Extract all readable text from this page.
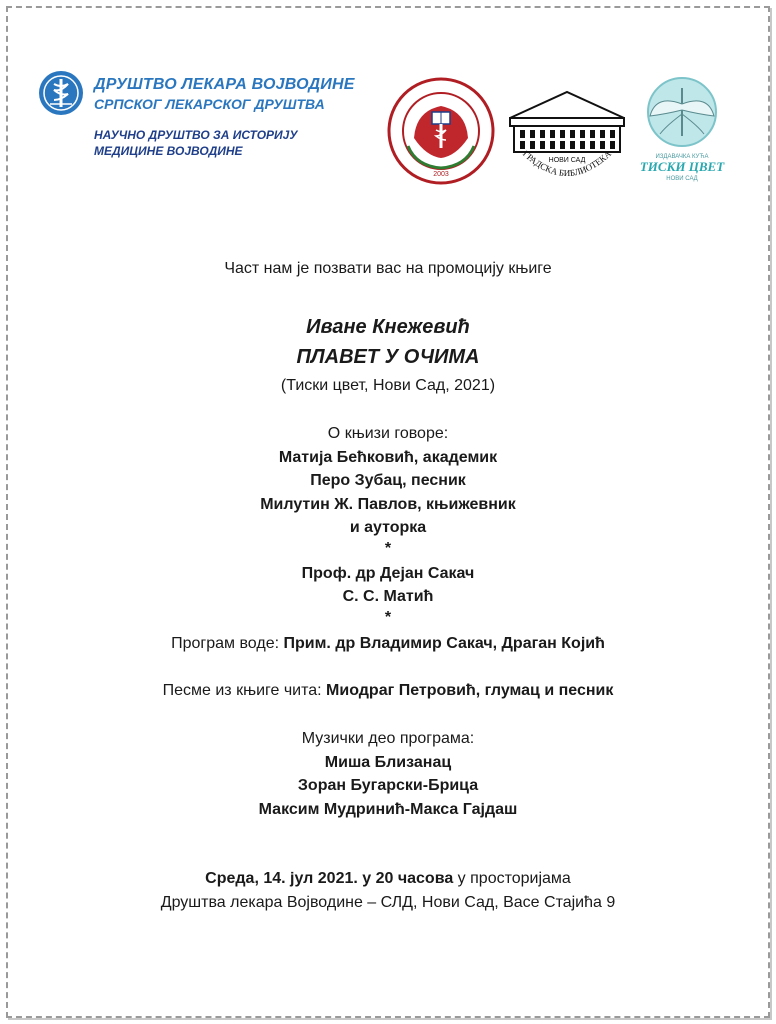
ДРУШТВО ЛЕКАРА ВОЈВОДИНЕ
СРПСКОГ ЛЕКАРСКОГ ДРУШТВА
НАУЧНО ДРУШТВО ЗА ИСТОРИЈУ
МЕДИЦИНЕ ВОЈВОДИНЕ
2003
НОВИ САД
ГРАДСКА БИБЛИОТЕКА	ИЗДАВАЧКА КУЋА
ТИСКИ ЦВЕТ
НОВИ САД
Част нам је позвати вас на промоцију књиге
Иване Кнежевић
ПЛАВЕТ У ОЧИМА
(Тиски цвет, Нови Сад, 2021)
О књизи говоре:
Матија Бећковић, академик
Перо Зубац, песник
Милутин Ж. Павлов, књижевник
и ауторка
*
Проф. др Дејан Сакач
С. С. Матић
*
Програм воде: Прим. др Владимир Сакач, Драган Којић
Песме из књиге чита: Миодраг Петровић, глумац и песник
Музички део програма:
Миша Близанац
Зоран Бугарски-Брица
Максим Мудринић-Макса Гајдаш
Среда, 14. јул 2021. у 20 часова у просторијама
Друштва лекара Војводине – СЛД, Нови Сад, Васе Стајића 9
